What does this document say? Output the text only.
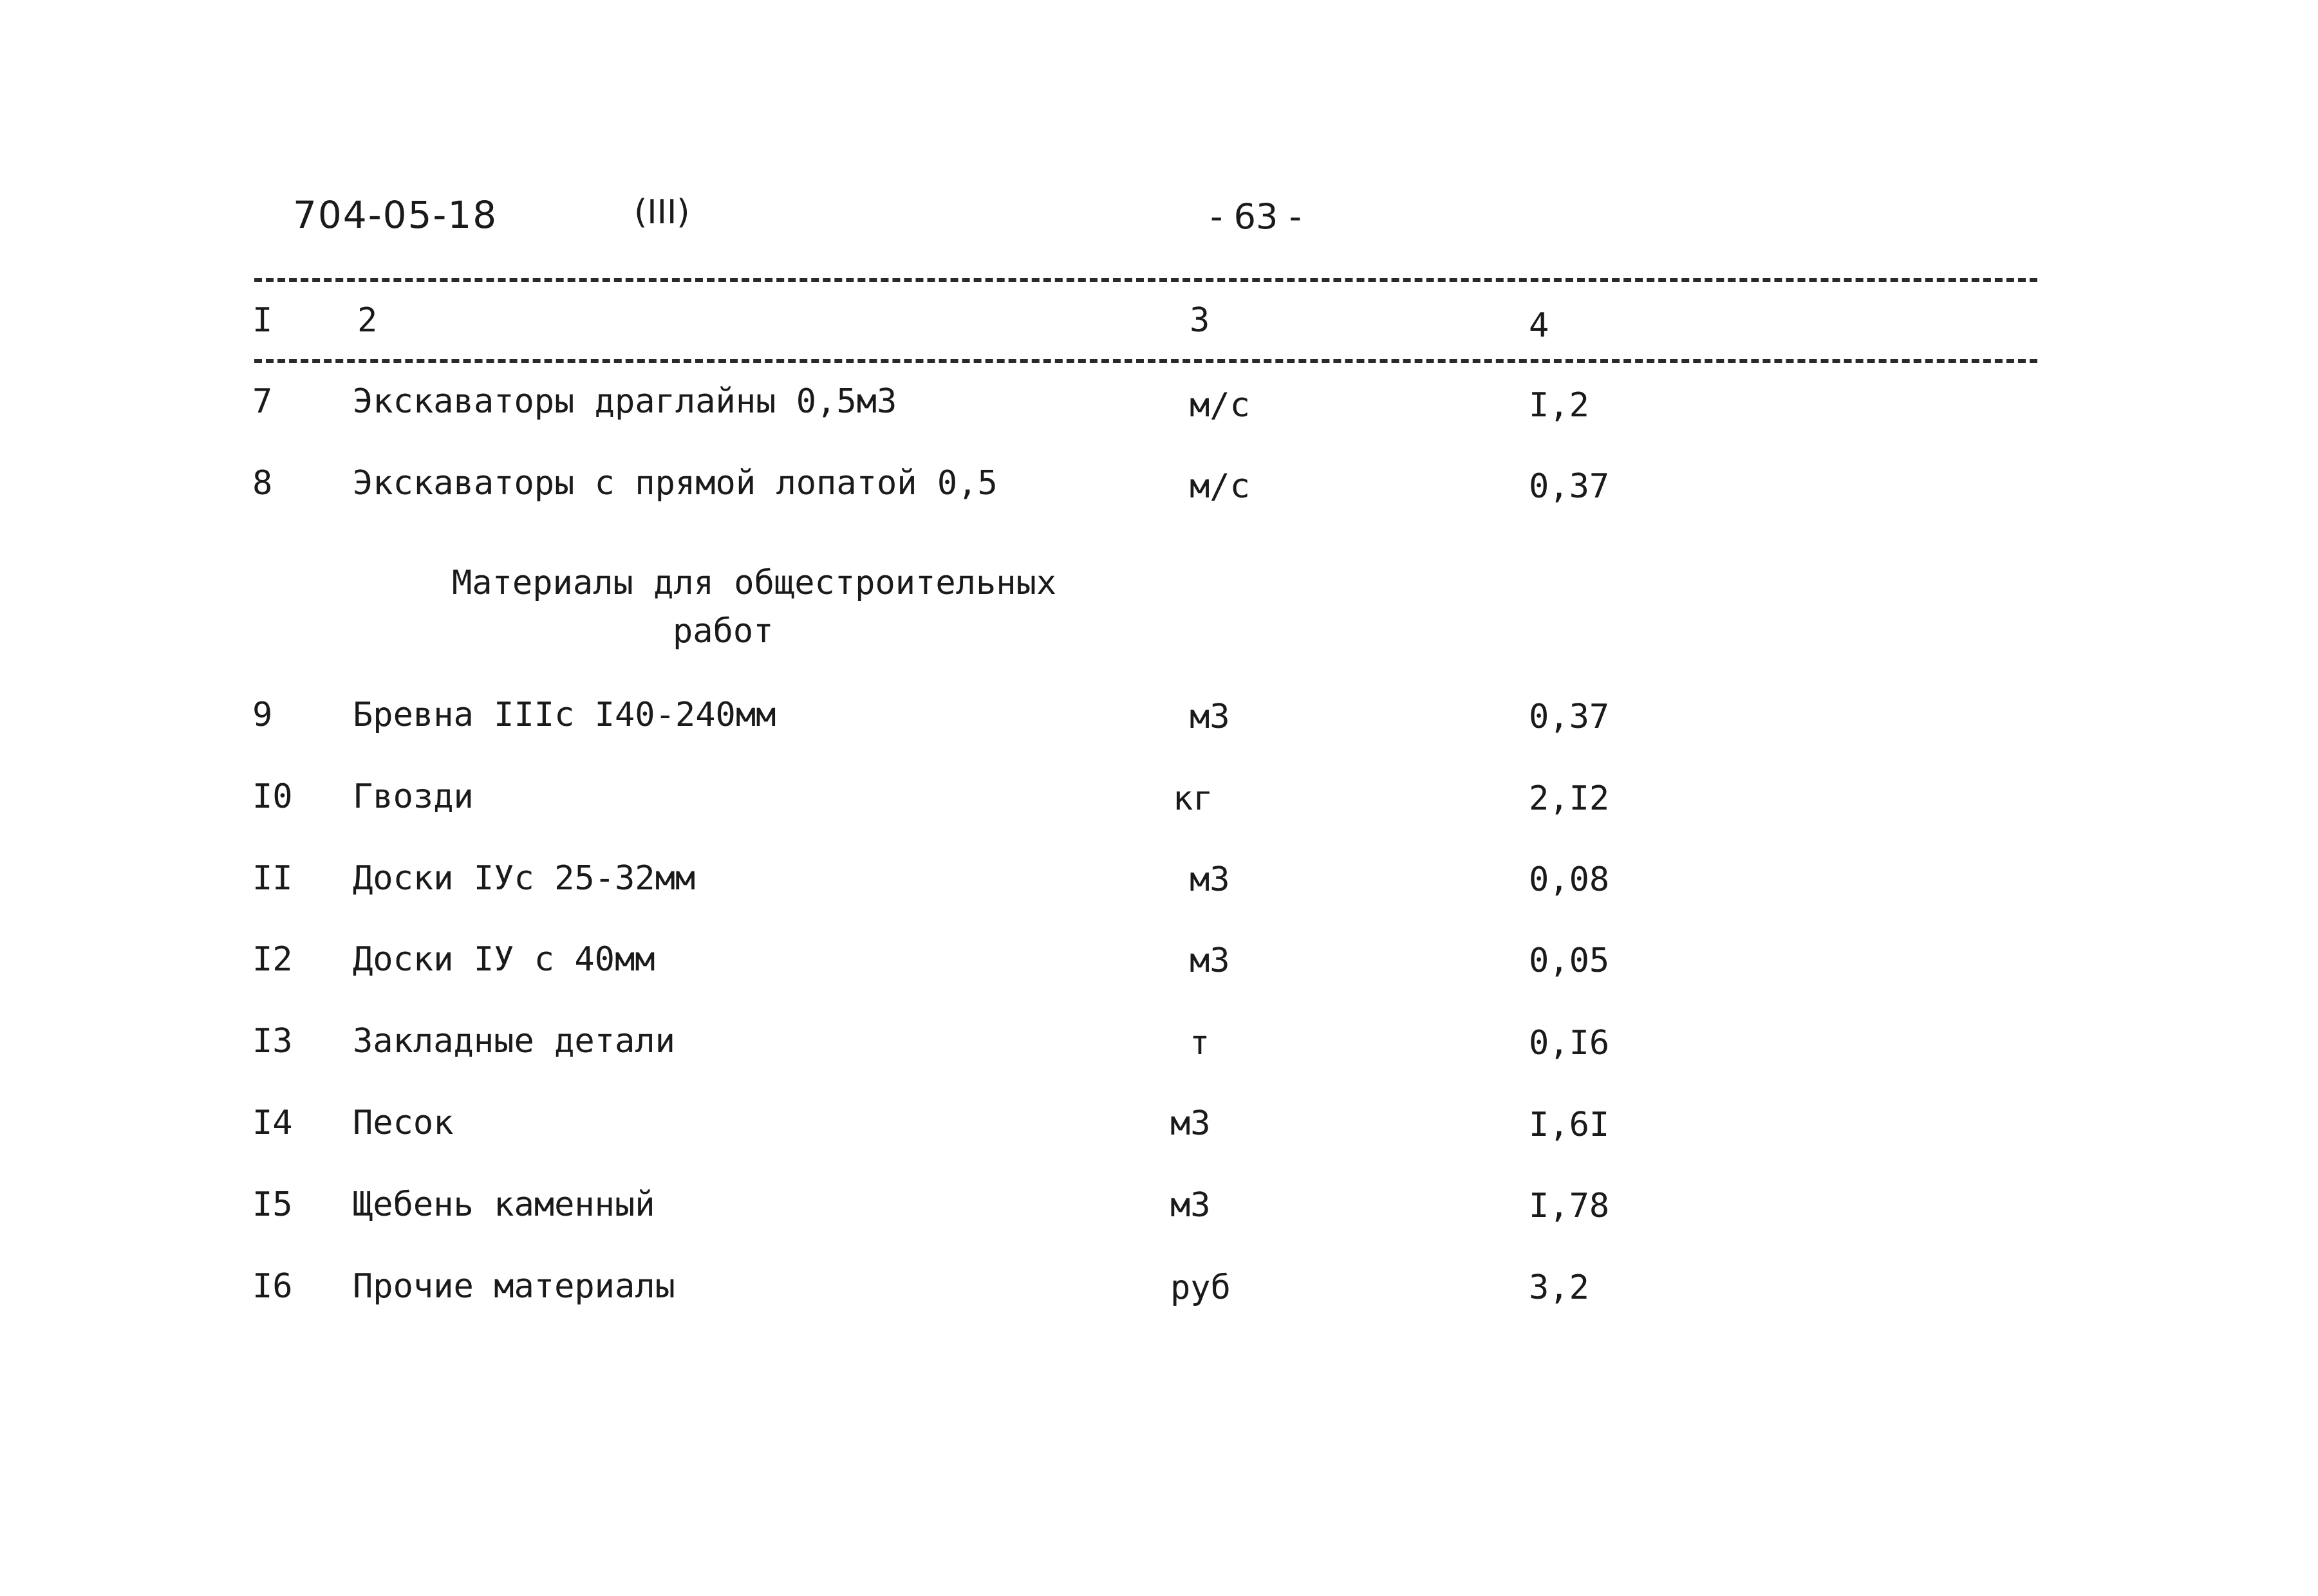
704-05-18	(III)	- 63 -
I	2	3	4
7 Экскаваторы драглайны 0,5м3	м/с	I,2
8 Экскаваторы с прямой лопатой 0,5	м/с	0,37
Материалы для общестроительных
работ
9 Бревна IIIс I40-240мм	м3	0,37
I0 Гвозди	кг	2,I2
II Доски IУс 25-32мм	м3	0,08
I2 Доски IУ с 40мм	м3	0,05
I3 Закладные детали	т	0,I6
I4 Песок	м3	I,6I
I5 Щебень каменный	м3	I,78
I6 Прочие материалы	руб	3,2
